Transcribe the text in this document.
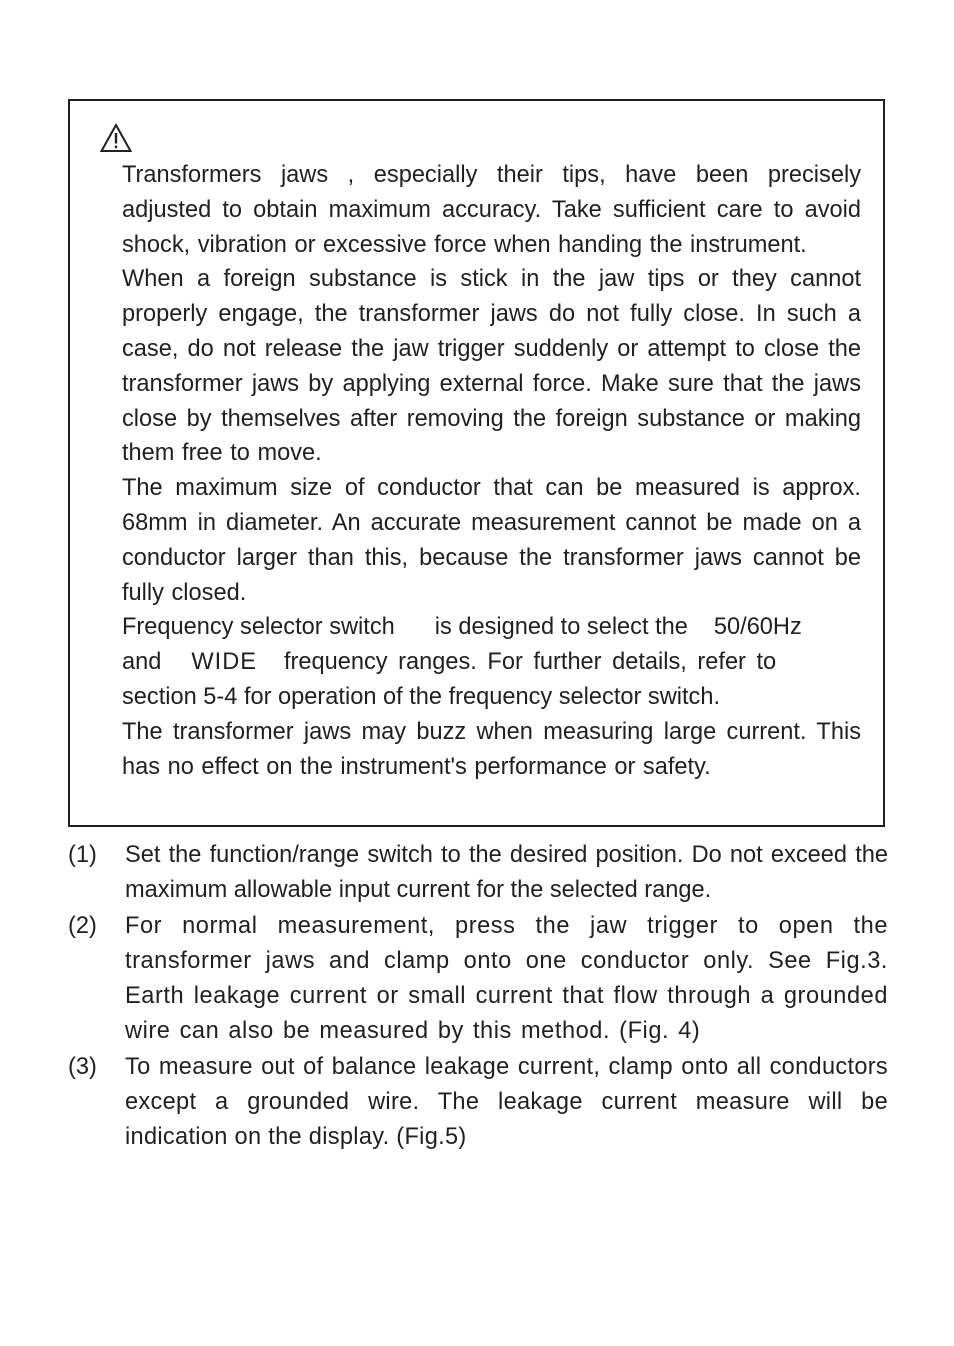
Transformers jaws , especially their tips, have been precisely adjusted to obtain maximum accuracy. Take sufficient care to avoid shock, vibration or excessive force when handing the instrument.

When a foreign substance is stick in the jaw tips or they cannot properly engage, the transformer jaws do not fully close. In such a case, do not release the jaw trigger suddenly or attempt to close the transformer jaws by applying external force. Make sure that the jaws close by themselves after removing the foreign substance or making them free to move.

The maximum size of conductor that can be measured is approx. 68mm in diameter. An accurate measurement cannot be made on a conductor larger than this, because the transformer jaws cannot be fully closed.

Frequency selector switch is designed to select the 50/60Hz

and WIDE frequency ranges. For further details, refer to

section 5-4 for operation of the frequency selector switch.

The transformer jaws may buzz when measuring large current. This has no effect on the instrument's performance or safety.

(1) Set the function/range switch to the desired position. Do not exceed the maximum allowable input current for the selected range.
(2) For normal measurement, press the jaw trigger to open the transformer jaws and clamp onto one conductor only. See Fig.3. Earth leakage current or small current that flow through a grounded wire can also be measured by this method. (Fig. 4)
(3) To measure out of balance leakage current, clamp onto all conductors except a grounded wire. The leakage current measure will be indication on the display. (Fig.5)
